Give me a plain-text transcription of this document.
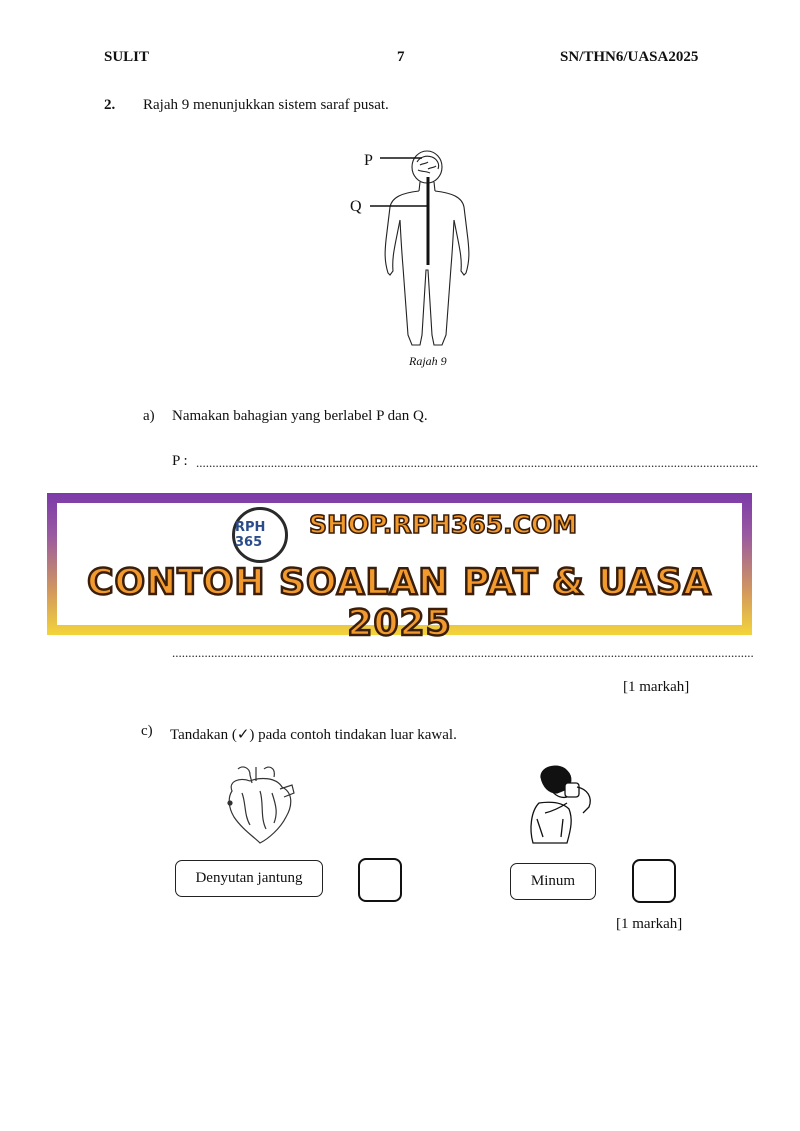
SULIT	7	SN/THN6/UASA2025
2. Rajah 9 menunjukkan sistem saraf pusat.
P
Q
Rajah 9
a) Namakan bahagian yang berlabel P dan Q.
P : .............................................................................................................................................................................
RPH 365
SHOP.RPH365.COM
CONTOH SOALAN PAT & UASA 2025
...................................................................................................................................................................................
[1 markah]
c) Tandakan (✓) pada contoh tindakan luar kawal.
Denyutan jantung	Minum
[1 markah]
